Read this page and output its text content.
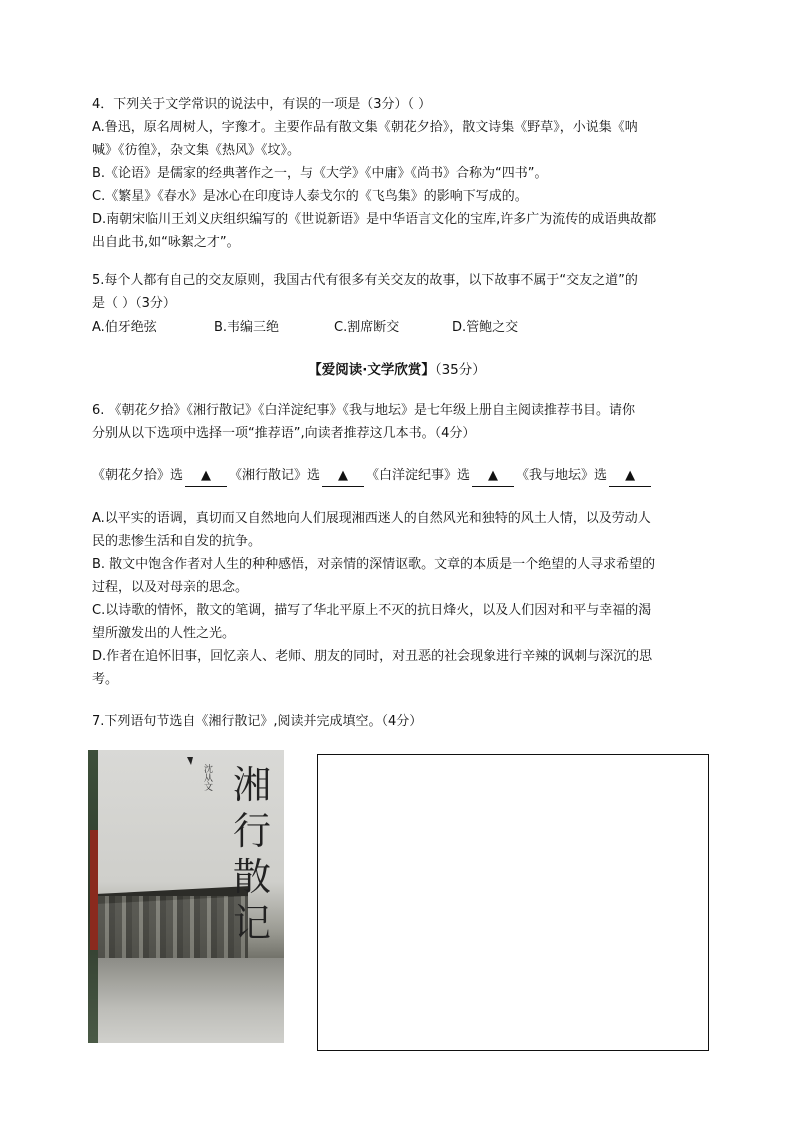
4．下列关于文学常识的说法中，有误的一项是（3分）（ ）
A.鲁迅，原名周树人，字豫才。主要作品有散文集《朝花夕拾》，散文诗集《野草》，小说集《呐
喊》《彷徨》，杂文集《热风》《坟》。
B.《论语》是儒家的经典著作之一，与《大学》《中庸》《尚书》合称为“四书”。
C.《繁星》《春水》是冰心在印度诗人泰戈尔的《飞鸟集》的影响下写成的。
D.南朝宋临川王刘义庆组织编写的《世说新语》是中华语言文化的宝库,许多广为流传的成语典故都
出自此书,如“咏絮之才”。
5.每个人都有自己的交友原则，我国古代有很多有关交友的故事，以下故事不属于“交友之道”的
是（ ）（3分）
A.伯牙绝弦	B.韦编三绝	C.割席断交	D.管鲍之交
【爱阅读·文学欣赏】（35分）
6. 《朝花夕拾》《湘行散记》《白洋淀纪事》《我与地坛》是七年级上册自主阅读推荐书目。请你
分别从以下选项中选择一项“推荐语”,向读者推荐这几本书。（4分）
《朝花夕拾》选 ▲ 《湘行散记》选 ▲ 《白洋淀纪事》选 ▲ 《我与地坛》选 ▲
A.以平实的语调，真切而又自然地向人们展现湘西迷人的自然风光和独特的风土人情，以及劳动人
民的悲惨生活和自发的抗争。
B. 散文中饱含作者对人生的种种感悟，对亲情的深情讴歌。文章的本质是一个绝望的人寻求希望的
过程，以及对母亲的思念。
C.以诗歌的情怀，散文的笔调，描写了华北平原上不灭的抗日烽火，以及人们因对和平与幸福的渴
望所激发出的人性之光。
D.作者在追怀旧事，回忆亲人、老师、朋友的同时，对丑恶的社会现象进行辛辣的讽刺与深沉的思
考。
7.下列语句节选自《湘行散记》,阅读并完成填空。（4分）
沈从文 湘行散记
